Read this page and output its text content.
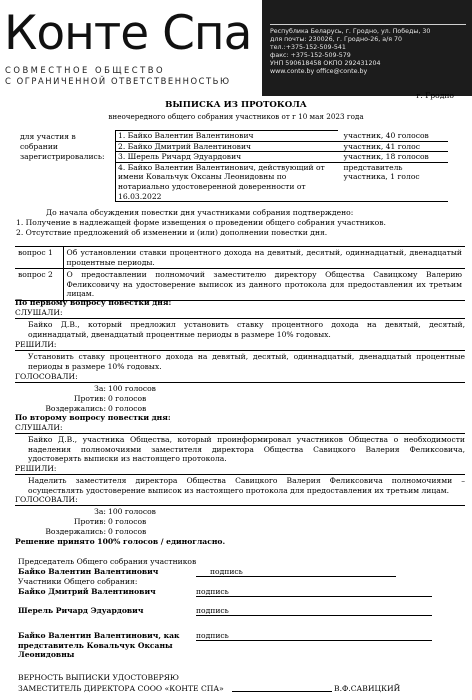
Конте Спа
СОВМЕСТНОЕ ОБЩЕСТВО
С ОГРАНИЧЕННОЙ ОТВЕТСТВЕННОСТЬЮ
Республика Беларусь, г. Гродно, ул. Победы, 30
для почты: 230026, г. Гродно-26, а/я 70
тел.:+375-152-509-541
факс: +375-152-509-579
УНП 590618458 ОКПО 292431204
www.conte.by office@conte.by
г. Гродно
ВЫПИСКА ИЗ ПРОТОКОЛА
внеочередного общего собрания участников от г 10 мая 2023 года
для участия в собрании зарегистрировались:
1. Байко Валентин Валентинович	участник, 40 голосов
2. Байко Дмитрий Валентинович	участник, 41 голос
3. Шерель Ричард Эдуардович	участник, 18 голосов
4. Байко Валентин Валентинович, действующий от имени Ковальчук Оксаны Леонидовны по нотариально удостоверенной доверенности от 16.03.2022	представитель участника, 1 голос
До начала обсуждения повестки дня участниками собрания подтверждено:
1. Получение в надлежащей форме извещения о проведении общего собрания участников.
2. Отсутствие предложений об изменении и (или) дополнении повестки дня.
вопрос 1	Об установлении ставки процентного дохода на девятый, десятый, одиннадцатый, двенадцатый процентные периоды.
вопрос 2	О предоставлении полномочий заместителю директору Общества Савицкому Валерию Феликсовичу на удостоверение выписок из данного протокола для предоставления их третьим лицам.
По первому вопросу повестки дня:
СЛУШАЛИ:
Байко Д.В., который предложил установить ставку процентного дохода на девятый, десятый, одиннадцатый, двенадцатый процентные периоды в размере 10% годовых.
РЕШИЛИ:
Установить ставку процентного дохода на девятый, десятый, одиннадцатый, двенадцатый процентные периоды в размере 10% годовых.
ГОЛОСОВАЛИ:
За: 100 голосов
Против: 0 голосов
Воздержались: 0 голосов
По второму вопросу повестки дня:
СЛУШАЛИ:
Байко Д.В., участника Общества, который проинформировал участников Общества о необходимости наделения полномочиями заместителя директора Общества Савицкого Валерия Феликсовича, удостоверять выписки из настоящего протокола.
РЕШИЛИ:
Наделить заместителя директора Общества Савицкого Валерия Феликсовича полномочиями – осуществлять удостоверение выписок из настоящего протокола для предоставления их третьим лицам.
ГОЛОСОВАЛИ:
За: 100 голосов
Против: 0 голосов
Воздержались: 0 голосов
Решение принято 100% голосов / единогласно.
Председатель Общего собрания участников
Байко Валентин Валентинович	подпись
Участники Общего собрания:
Байко Дмитрий Валентинович	подпись
Шерель Ричард Эдуардович	подпись
Байко Валентин Валентинович, как представитель Ковальчук Оксаны Леонидовны
подпись
ВЕРНОСТЬ ВЫПИСКИ УДОСТОВЕРЯЮ
ЗАМЕСТИТЕЛЬ ДИРЕКТОРА СООО «КОНТЕ СПА»	В.Ф.САВИЦКИЙ
